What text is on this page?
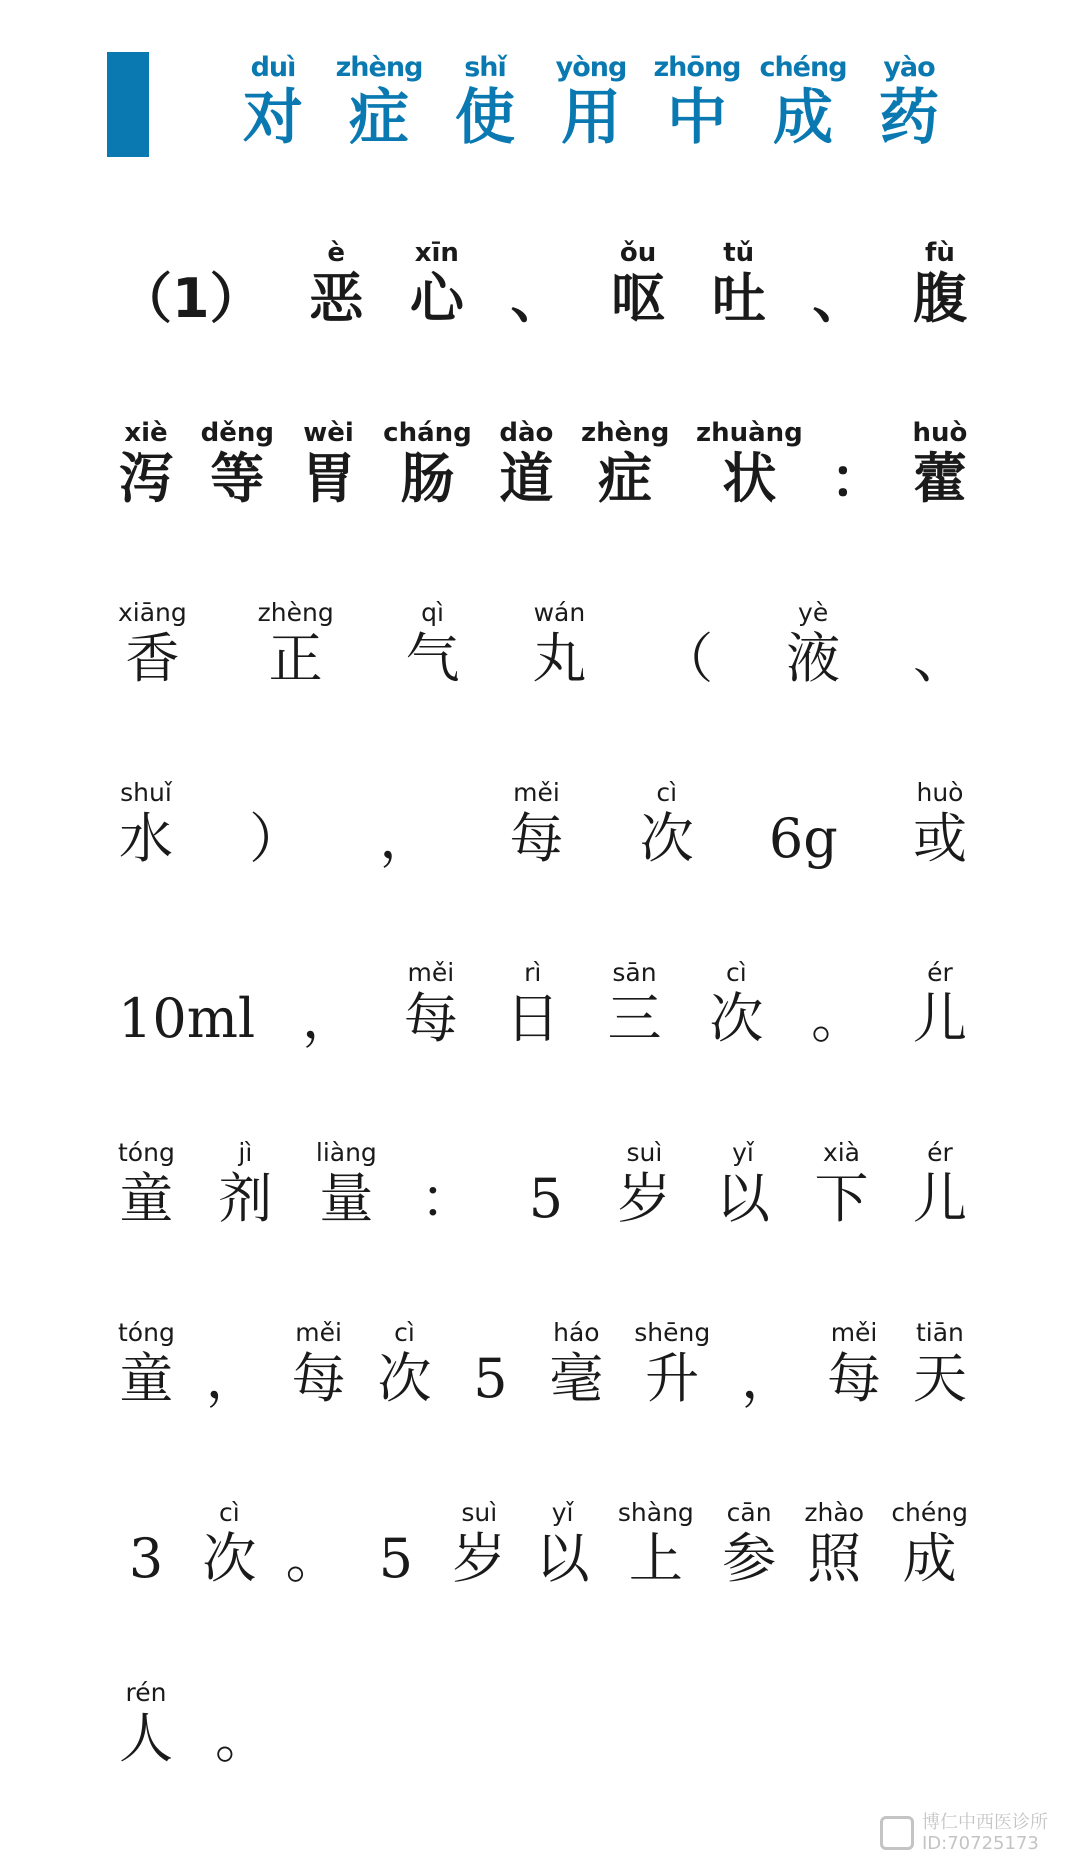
duì
对
zhèng
症
shǐ
使
yòng
用
zhōng
中
chéng
成
yào
药
（1）
è
恶
xīn
心 、
ǒu
呕
tǔ
吐 、
fù
腹
xiè
泻
děng
等
wèi
胃
cháng
肠
dào
道
zhèng
症
zhuàng
状	：
huò
藿
xiāng
香
zhèng
正
qì
气
wán
丸 （
yè
液 、
shuǐ
水 ） ，
měi
每
cì
次 6g
huò
或
10ml ，
měi
每
rì
日
sān
三
cì
次 。
ér
儿
tóng
童
jì
剂
liàng
量 ： 5
suì
岁
yǐ
以
xià
下
ér
儿
tóng
童 ，
měi
每
cì
次 5
háo
毫
shēng
升 ，
měi
每
tiān
天
3
cì
次 。 5
suì
岁
yǐ
以
shàng
上
cān
参
zhào
照
chéng
成
rén
人 。
博仁中西医诊所
ID:70725173
